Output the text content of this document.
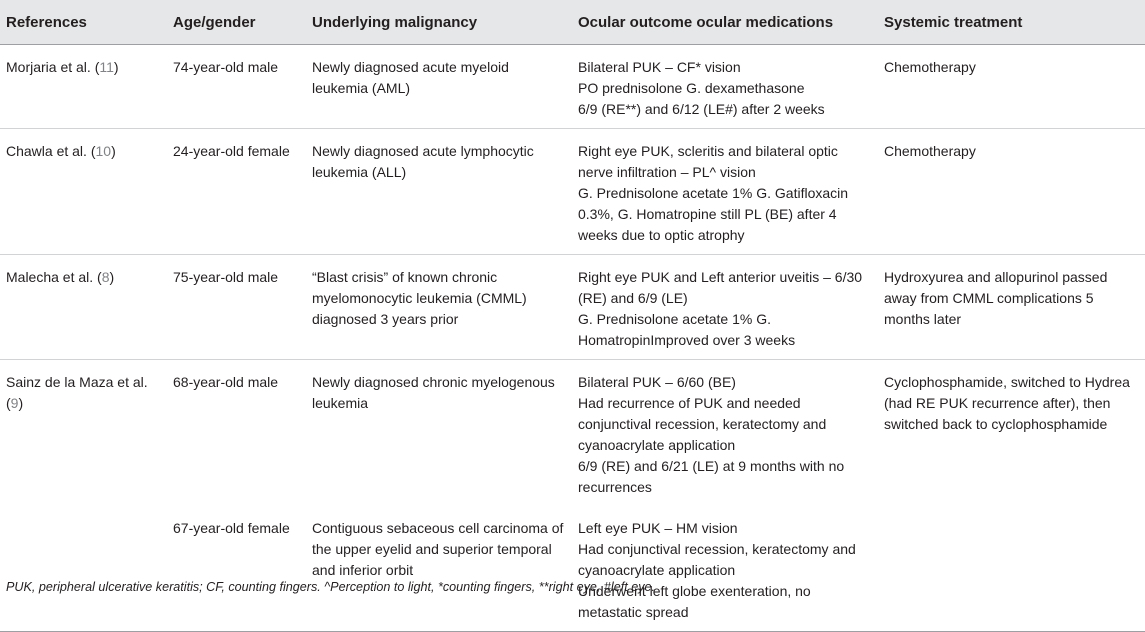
References	Age/gender	Underlying malignancy	Ocular outcome ocular medications	Systemic treatment
Morjaria et al. (11)	74-year-old male	Newly diagnosed acute myeloid leukemia (AML)	Bilateral PUK – CF* vision
PO prednisolone G. dexamethasone
6/9 (RE**) and 6/12 (LE#) after 2 weeks	Chemotherapy
Chawla et al. (10)	24-year-old female	Newly diagnosed acute lymphocytic leukemia (ALL)	Right eye PUK, scleritis and bilateral optic nerve infiltration – PL^ vision
G. Prednisolone acetate 1% G. Gatifloxacin 0.3%, G. Homatropine still PL (BE) after 4 weeks due to optic atrophy	Chemotherapy
Malecha et al. (8)	75-year-old male	“Blast crisis” of known chronic myelomonocytic leukemia (CMML) diagnosed 3 years prior	Right eye PUK and Left anterior uveitis – 6/30 (RE) and 6/9 (LE)
G. Prednisolone acetate 1% G. HomatropinImproved over 3 weeks	Hydroxyurea and allopurinol passed away from CMML complications 5 months later
Sainz de la Maza et al. (9)	68-year-old male	Newly diagnosed chronic myelogenous leukemia	Bilateral PUK – 6/60 (BE)
Had recurrence of PUK and needed conjunctival recession, keratectomy and cyanoacrylate application
6/9 (RE) and 6/21 (LE) at 9 months with no recurrences	Cyclophosphamide, switched to Hydrea (had RE PUK recurrence after), then switched back to cyclophosphamide
	67-year-old female	Contiguous sebaceous cell carcinoma of the upper eyelid and superior temporal and inferior orbit	Left eye PUK – HM vision
Had conjunctival recession, keratectomy and cyanoacrylate application
Underwent left globe exenteration, no metastatic spread	

PUK, peripheral ulcerative keratitis; CF, counting fingers. ^Perception to light, *counting fingers, **right eye, #left eye.
